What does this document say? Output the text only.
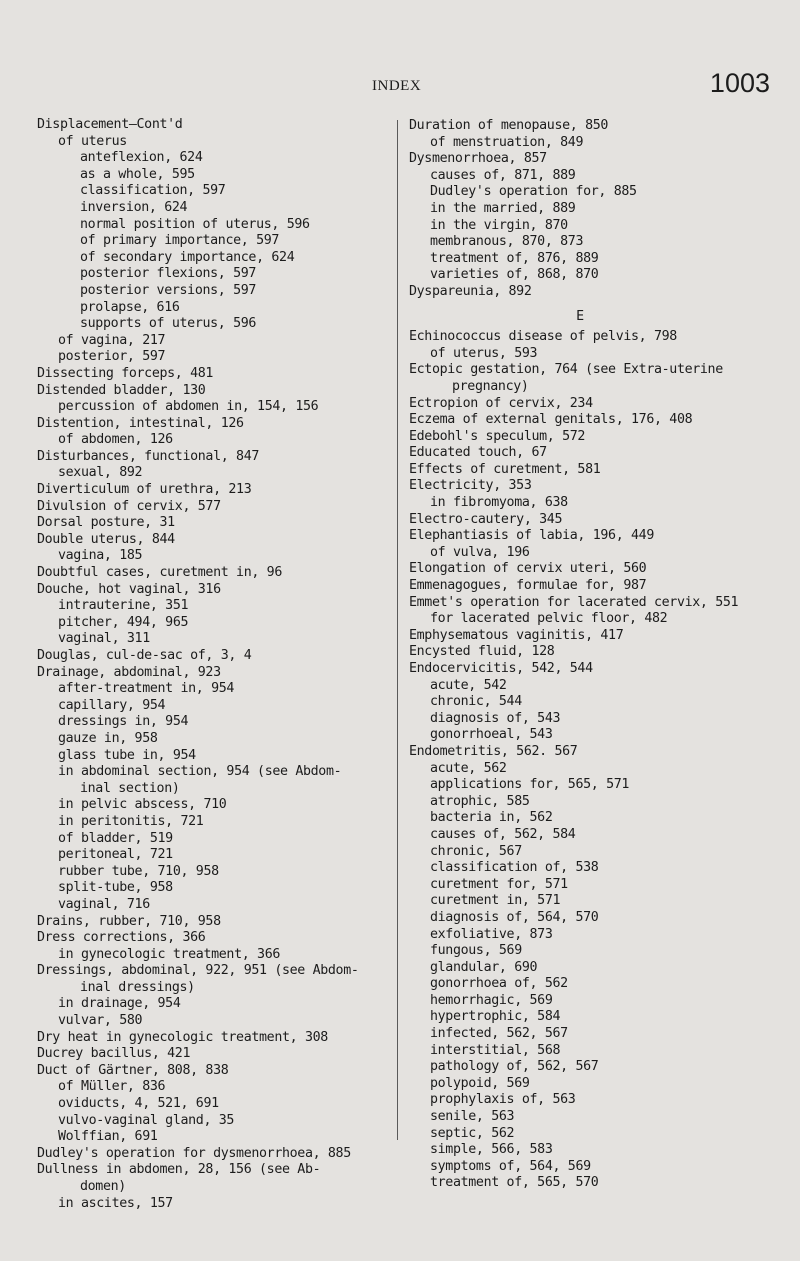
INDEX	1003
Displacement—Cont'd
of uterus
anteflexion, 624
as a whole, 595
classification, 597
inversion, 624
normal position of uterus, 596
of primary importance, 597
of secondary importance, 624
posterior flexions, 597
posterior versions, 597
prolapse, 616
supports of uterus, 596
of vagina, 217
posterior, 597
Dissecting forceps, 481
Distended bladder, 130
percussion of abdomen in, 154, 156
Distention, intestinal, 126
of abdomen, 126
Disturbances, functional, 847
sexual, 892
Diverticulum of urethra, 213
Divulsion of cervix, 577
Dorsal posture, 31
Double uterus, 844
vagina, 185
Doubtful cases, curetment in, 96
Douche, hot vaginal, 316
intrauterine, 351
pitcher, 494, 965
vaginal, 311
Douglas, cul-de-sac of, 3, 4
Drainage, abdominal, 923
after-treatment in, 954
capillary, 954
dressings in, 954
gauze in, 958
glass tube in, 954
in abdominal section, 954 (see Abdom-
inal section)
in pelvic abscess, 710
in peritonitis, 721
of bladder, 519
peritoneal, 721
rubber tube, 710, 958
split-tube, 958
vaginal, 716
Drains, rubber, 710, 958
Dress corrections, 366
in gynecologic treatment, 366
Dressings, abdominal, 922, 951 (see Abdom-
inal dressings)
in drainage, 954
vulvar, 580
Dry heat in gynecologic treatment, 308
Ducrey bacillus, 421
Duct of Gärtner, 808, 838
of Müller, 836
oviducts, 4, 521, 691
vulvo-vaginal gland, 35
Wolffian, 691
Dudley's operation for dysmenorrhoea, 885
Dullness in abdomen, 28, 156 (see Ab-
domen)
in ascites, 157
Duration of menopause, 850
of menstruation, 849
Dysmenorrhoea, 857
causes of, 871, 889
Dudley's operation for, 885
in the married, 889
in the virgin, 870
membranous, 870, 873
treatment of, 876, 889
varieties of, 868, 870
Dyspareunia, 892
E
Echinococcus disease of pelvis, 798
of uterus, 593
Ectopic gestation, 764 (see Extra-uterine
pregnancy)
Ectropion of cervix, 234
Eczema of external genitals, 176, 408
Edebohl's speculum, 572
Educated touch, 67
Effects of curetment, 581
Electricity, 353
in fibromyoma, 638
Electro-cautery, 345
Elephantiasis of labia, 196, 449
of vulva, 196
Elongation of cervix uteri, 560
Emmenagogues, formulae for, 987
Emmet's operation for lacerated cervix, 551
for lacerated pelvic floor, 482
Emphysematous vaginitis, 417
Encysted fluid, 128
Endocervicitis, 542, 544
acute, 542
chronic, 544
diagnosis of, 543
gonorrhoeal, 543
Endometritis, 562. 567
acute, 562
applications for, 565, 571
atrophic, 585
bacteria in, 562
causes of, 562, 584
chronic, 567
classification of, 538
curetment for, 571
curetment in, 571
diagnosis of, 564, 570
exfoliative, 873
fungous, 569
glandular, 690
gonorrhoea of, 562
hemorrhagic, 569
hypertrophic, 584
infected, 562, 567
interstitial, 568
pathology of, 562, 567
polypoid, 569
prophylaxis of, 563
senile, 563
septic, 562
simple, 566, 583
symptoms of, 564, 569
treatment of, 565, 570
